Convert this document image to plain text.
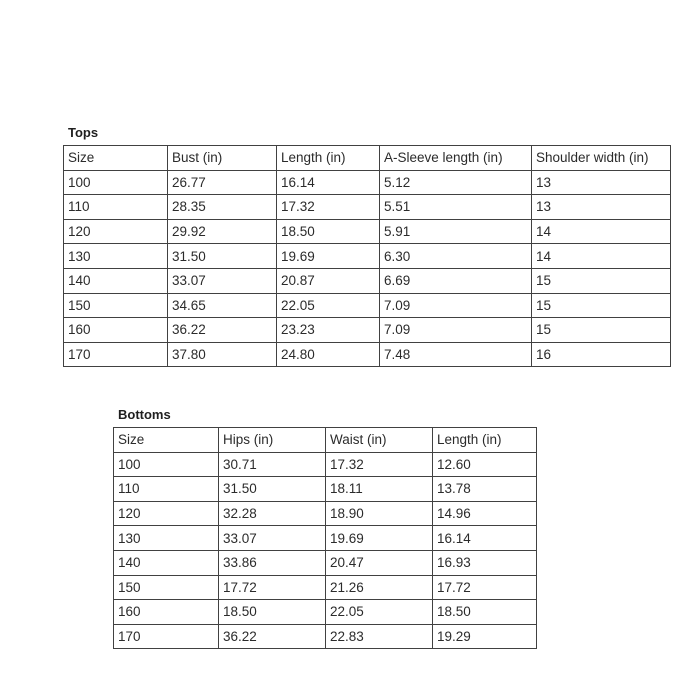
Tops
Size	Bust (in)	Length (in)	A-Sleeve length (in)	Shoulder width (in)
100	26.77	16.14	5.12	13
110	28.35	17.32	5.51	13
120	29.92	18.50	5.91	14
130	31.50	19.69	6.30	14
140	33.07	20.87	6.69	15
150	34.65	22.05	7.09	15
160	36.22	23.23	7.09	15
170	37.80	24.80	7.48	16
Bottoms
Size	Hips (in)	Waist (in)	Length (in)
100	30.71	17.32	12.60
110	31.50	18.11	13.78
120	32.28	18.90	14.96
130	33.07	19.69	16.14
140	33.86	20.47	16.93
150	17.72	21.26	17.72
160	18.50	22.05	18.50
170	36.22	22.83	19.29
